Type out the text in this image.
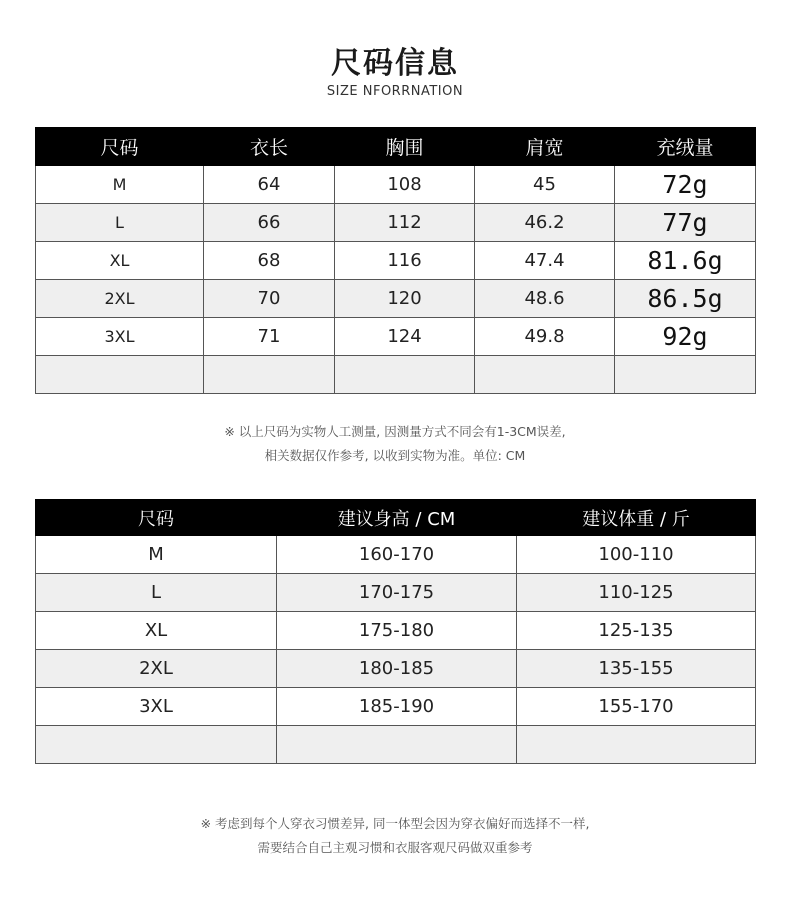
尺码信息
SIZE NFORRNATION
尺码	衣长	胸围	肩宽	充绒量
M	64	108	45	72g
L	66	112	46.2	77g
XL	68	116	47.4	81.6g
2XL	70	120	48.6	86.5g
3XL	71	124	49.8	92g

※ 以上尺码为实物人工测量, 因测量方式不同会有1-3CM误差,
相关数据仅作参考, 以收到实物为准。单位: CM
尺码	建议身高 / CM	建议体重 / 斤
M	160-170	100-110
L	170-175	110-125
XL	175-180	125-135
2XL	180-185	135-155
3XL	185-190	155-170

※ 考虑到每个人穿衣习惯差异, 同一体型会因为穿衣偏好而选择不一样,
需要结合自己主观习惯和衣服客观尺码做双重参考
